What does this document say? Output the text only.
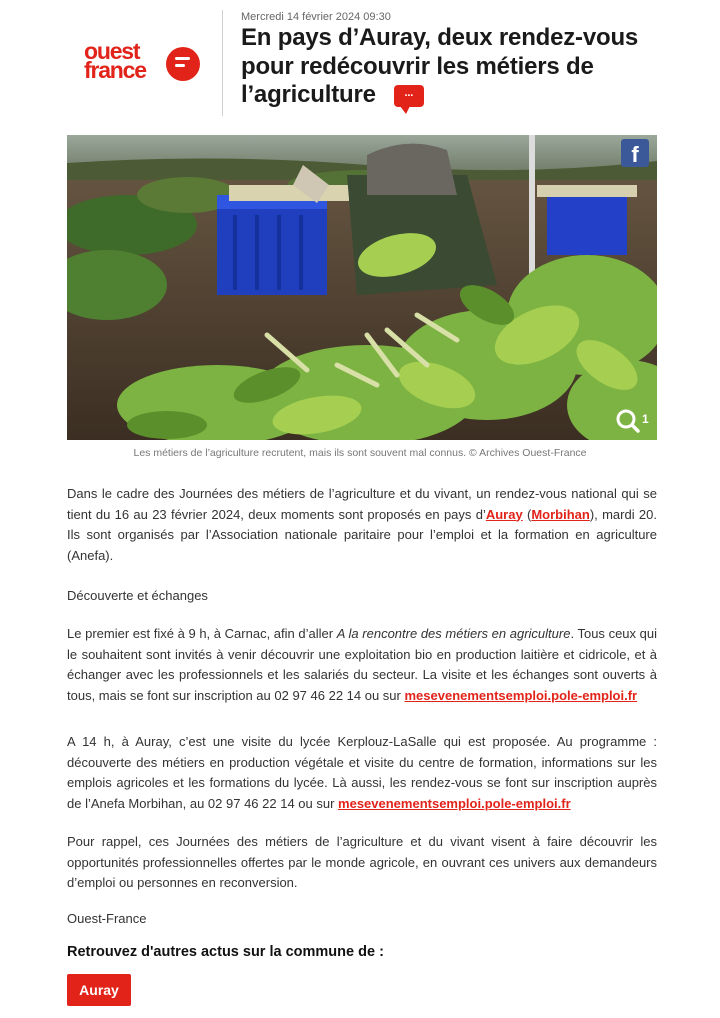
ouest
france
Mercredi 14 février 2024 09:30
En pays d’Auray, deux rendez-vous pour redécouvrir les métiers de l’agriculture	...
f
1
Les métiers de l’agriculture recrutent, mais ils sont souvent mal connus. © Archives Ouest-France

Dans le cadre des Journées des métiers de l’agriculture et du vivant, un rendez-vous national qui se tient du 16 au 23 février 2024, deux moments sont proposés en pays d’Auray (Morbihan), mardi 20. Ils sont organisés par l’Association nationale paritaire pour l’emploi et la formation en agriculture (Anefa).

Découverte et échanges

Le premier est fixé à 9 h, à Carnac, afin d’aller A la rencontre des métiers en agriculture. Tous ceux qui le souhaitent sont invités à venir découvrir une exploitation bio en production laitière et cidricole, et à échanger avec les professionnels et les salariés du secteur. La visite et les échanges sont ouverts à tous, mais se font sur inscription au 02 97 46 22 14 ou sur mesevenementsemploi.pole-emploi.fr

A 14 h, à Auray, c’est une visite du lycée Kerplouz-LaSalle qui est proposée. Au programme : découverte des métiers en production végétale et visite du centre de formation, informations sur les emplois agricoles et les formations du lycée. Là aussi, les rendez-vous se font sur inscription auprès de l’Anefa Morbihan, au 02 97 46 22 14 ou sur mesevenementsemploi.pole-emploi.fr

Pour rappel, ces Journées des métiers de l’agriculture et du vivant visent à faire découvrir les opportunités professionnelles offertes par le monde agricole, en ouvrant ces univers aux demandeurs d’emploi ou personnes en reconversion.

Ouest-France

Retrouvez d'autres actus sur la commune de :
Auray
